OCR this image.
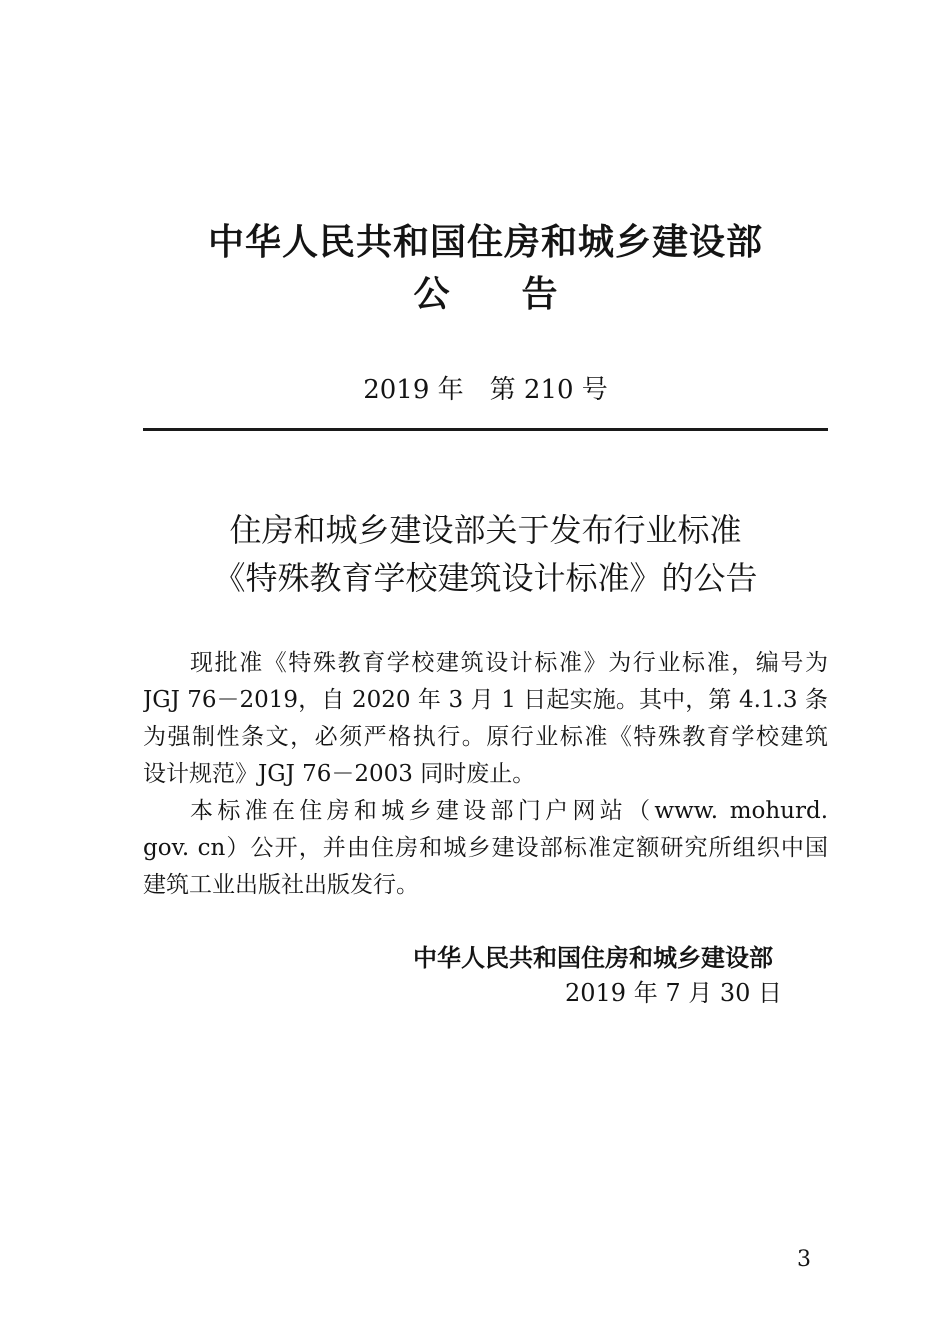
中华人民共和国住房和城乡建设部
公　　告
2019 年　第 210 号
住房和城乡建设部关于发布行业标准
《特殊教育学校建筑设计标准》的公告
现批准《特殊教育学校建筑设计标准》为行业标准，编号为
JGJ 76－2019，自 2020 年 3 月 1 日起实施。其中，第 4.1.3 条
为强制性条文，必须严格执行。原行业标准《特殊教育学校建筑
设计规范》JGJ 76－2003 同时废止。
本标准在住房和城乡建设部门户网站（www. mohurd.
gov. cn）公开，并由住房和城乡建设部标准定额研究所组织中国
建筑工业出版社出版发行。
中华人民共和国住房和城乡建设部
2019 年 7 月 30 日
3
